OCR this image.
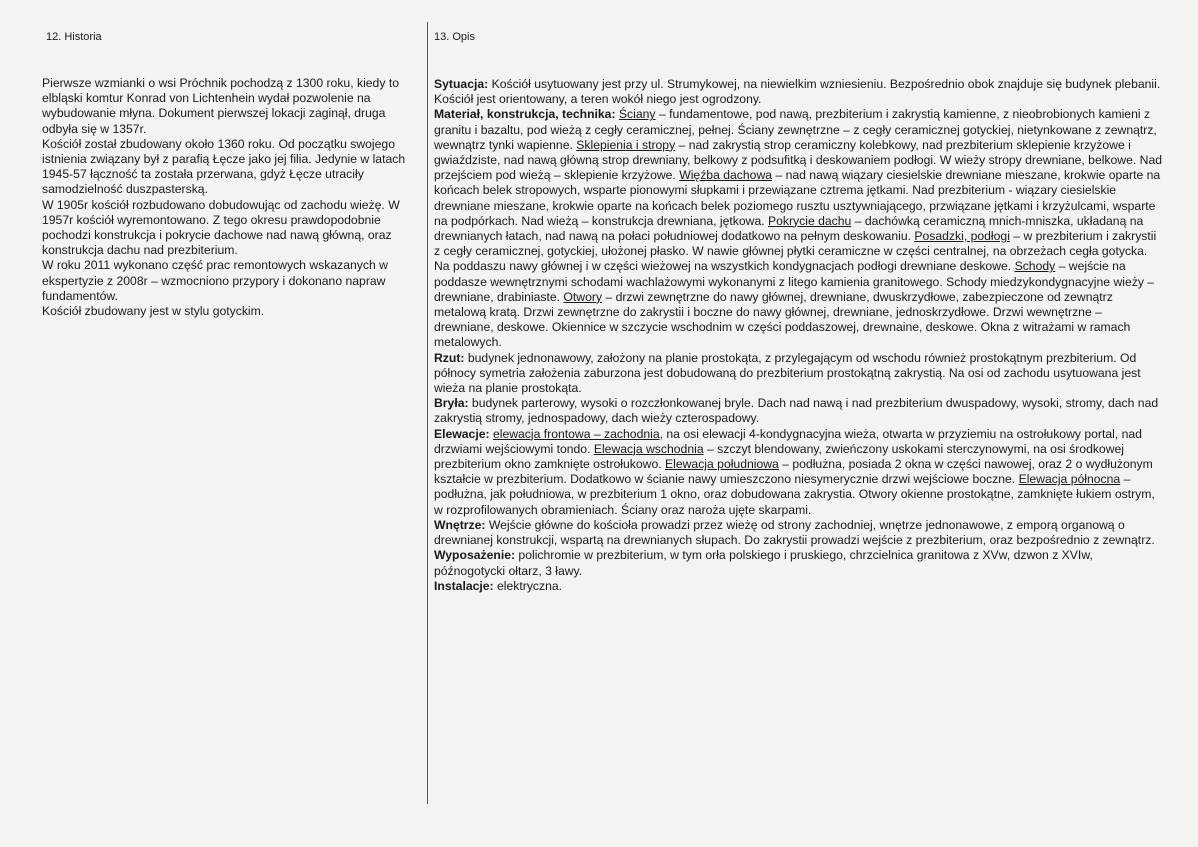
12. Historia	13. Opis

Pierwsze wzmianki o wsi Próchnik pochodzą z 1300 roku, kiedy to elbląski komtur Konrad von Lichtenhein wydał pozwolenie na wybudowanie młyna. Dokument pierwszej lokacji zaginął, druga odbyła się w 1357r.

Kościół został zbudowany około 1360 roku. Od początku swojego istnienia związany był z parafią Łęcze jako jej filia. Jedynie w latach 1945-57 łączność ta została przerwana, gdyż Łęcze utraciły samodzielność duszpasterską.

W 1905r kościół rozbudowano dobudowując od zachodu wieżę. W 1957r kościół wyremontowano. Z tego okresu prawdopodobnie pochodzi konstrukcja i pokrycie dachowe nad nawą główną, oraz konstrukcja dachu nad prezbiterium.

W roku 2011 wykonano część prac remontowych wskazanych w ekspertyzie z 2008r – wzmocniono przypory i dokonano napraw fundamentów.

Kościół zbudowany jest w stylu gotyckim.

Sytuacja: Kościół usytuowany jest przy ul. Strumykowej, na niewielkim wzniesieniu. Bezpośrednio obok znajduje się budynek plebanii. Kościół jest orientowany, a teren wokół niego jest ogrodzony.

Materiał, konstrukcja, technika: Ściany – fundamentowe, pod nawą, prezbiterium i zakrystią kamienne, z nieobrobionych kamieni z granitu i bazaltu, pod wieżą z cegły ceramicznej, pełnej. Ściany zewnętrzne – z cegły ceramicznej gotyckiej, nietynkowane z zewnątrz, wewnątrz tynki wapienne. Sklepienia i stropy – nad zakrystią strop ceramiczny kolebkowy, nad prezbiterium sklepienie krzyżowe i gwiaździste, nad nawą główną strop drewniany, belkowy z podsufitką i deskowaniem podłogi. W wieży stropy drewniane, belkowe. Nad przejściem pod wieżą – sklepienie krzyżowe. Więźba dachowa – nad nawą wiązary ciesielskie drewniane mieszane, krokwie oparte na końcach belek stropowych, wsparte pionowymi słupkami i przewiązane cztrema jętkami. Nad prezbiterium - wiązary ciesielskie drewniane mieszane, krokwie oparte na końcach belek poziomego rusztu usztywniającego, przwiązane jętkami i krzyżulcami, wsparte na podpórkach. Nad wieżą – konstrukcja drewniana, jętkowa. Pokrycie dachu – dachówką ceramiczną mnich-mniszka, układaną na drewnianych łatach, nad nawą na połaci południowej dodatkowo na pełnym deskowaniu. Posadzki, podłogi – w prezbiterium i zakrystii z cegły ceramicznej, gotyckiej, ułożonej płasko. W nawie głównej płytki ceramiczne w części centralnej, na obrzeżach cegła gotycka. Na poddaszu nawy głównej i w części wieżowej na wszystkich kondygnacjach podłogi drewniane deskowe. Schody – wejście na poddasze wewnętrznymi schodami wachlażowymi wykonanymi z litego kamienia granitowego. Schody miedzykondygnacyjne wieży – drewniane, drabiniaste. Otwory – drzwi zewnętrzne do nawy głównej, drewniane, dwuskrzydłowe, zabezpieczone od zewnątrz metalową kratą. Drzwi zewnętrzne do zakrystii i boczne do nawy głównej, drewniane, jednoskrzydłowe. Drzwi wewnętrzne – drewniane, deskowe. Okiennice w szczycie wschodnim w części poddaszowej, drewnaine, deskowe. Okna z witrażami w ramach metalowych.

Rzut: budynek jednonawowy, założony na planie prostokąta, z przylegającym od wschodu również prostokątnym prezbiterium. Od północy symetria założenia zaburzona jest dobudowaną do prezbiterium prostokątną zakrystią. Na osi od zachodu usytuowana jest wieża na planie prostokąta.

Bryła: budynek parterowy, wysoki o rozczłonkowanej bryle. Dach nad nawą i nad prezbiterium dwuspadowy, wysoki, stromy, dach nad zakrystią stromy, jednospadowy, dach wieży czterospadowy.

Elewacje: elewacja frontowa – zachodnia, na osi elewacji 4-kondygnacyjna wieża, otwarta w przyziemiu na ostrołukowy portal, nad drzwiami wejściowymi tondo. Elewacja wschodnia – szczyt blendowany, zwieńczony uskokami sterczynowymi, na osi środkowej prezbiterium okno zamknięte ostrołukowo. Elewacja południowa – podłużna, posiada 2 okna w części nawowej, oraz 2 o wydłużonym kształcie w prezbiterium. Dodatkowo w ścianie nawy umieszczono niesymerycznie drzwi wejściowe boczne. Elewacja północna – podłużna, jak południowa, w prezbiterium 1 okno, oraz dobudowana zakrystia. Otwory okienne prostokątne, zamknięte łukiem ostrym, w rozprofilowanych obramieniach. Ściany oraz naroża ujęte skarpami.

Wnętrze: Wejście główne do kościoła prowadzi przez wieżę od strony zachodniej, wnętrze jednonawowe, z emporą organową o drewnianej konstrukcji, wspartą na drewnianych słupach. Do zakrystii prowadzi wejście z prezbiterium, oraz bezpośrednio z zewnątrz.

Wyposażenie: polichromie w prezbiterium, w tym orła polskiego i pruskiego, chrzcielnica granitowa z XVw, dzwon z XVIw, późnogotycki ołtarz, 3 ławy.

Instalacje: elektryczna.
